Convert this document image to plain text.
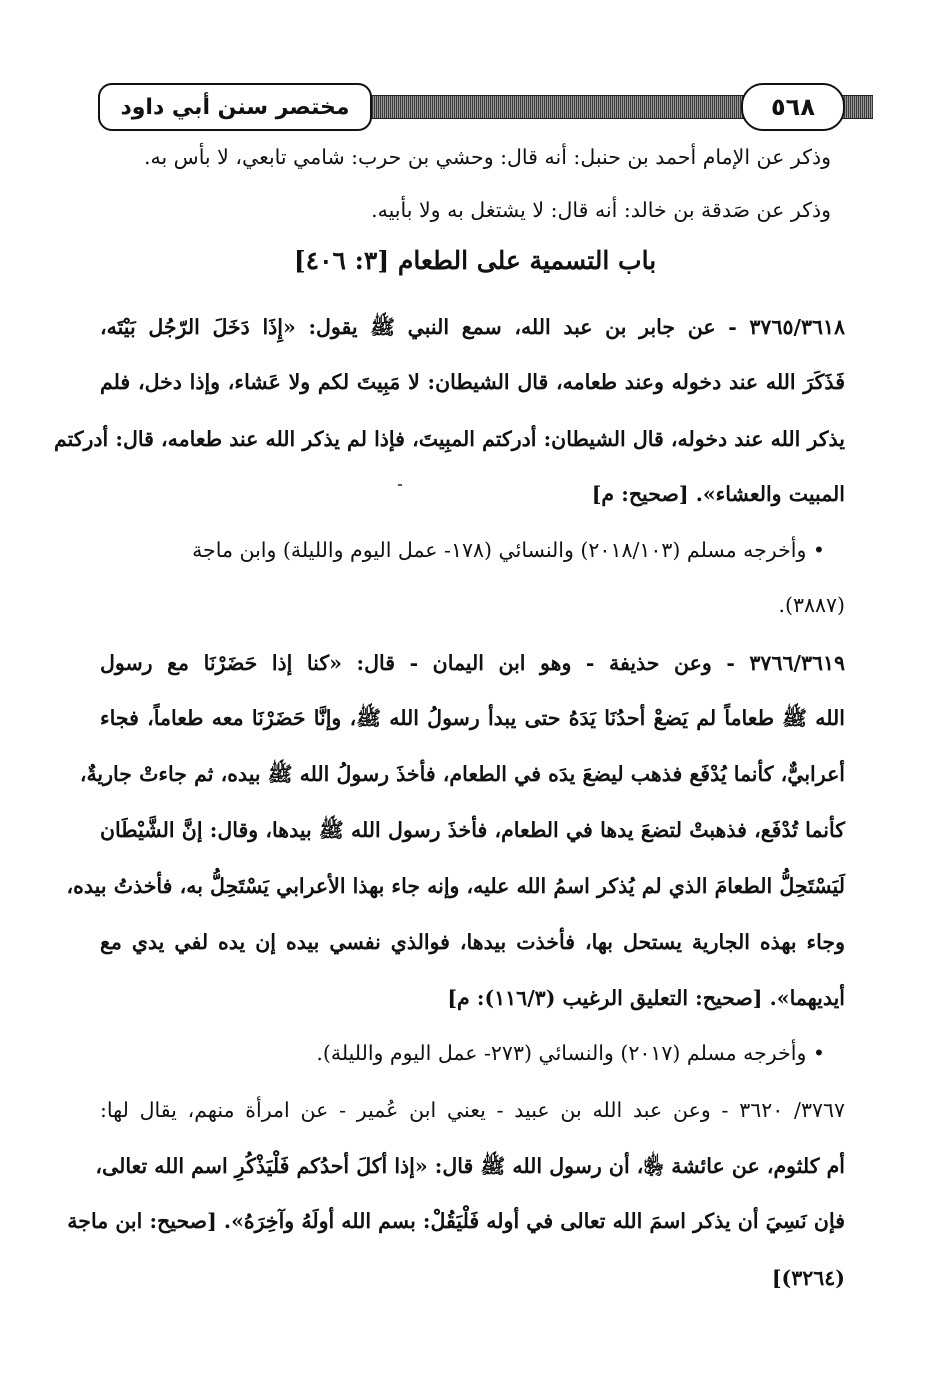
٥٦٨
مختصر سنن أبي داود
وذكر عن الإمام أحمد بن حنبل: أنه قال: وحشي بن حرب: شامي تابعي، لا بأس به.
وذكر عن صَدقة بن خالد: أنه قال: لا يشتغل به ولا بأبيه.
٣٧٦٥/٣٦١٨ - عن جابر بن عبد الله، سمع النبي ﷺ يقول: «إِذَا دَخَلَ الرّجُل بَيْتَه،
فَذَكَرَ الله عند دخوله وعند طعامه، قال الشيطان: لا مَبِيتَ لكم ولا عَشاء، وإذا دخل، فلم
يذكر الله عند دخوله، قال الشيطان: أدركتم المبِيتَ، فإذا لم يذكر الله عند طعامه، قال: أدركتم
المبيت والعشاء». [صحيح: م]
• وأخرجه مسلم (٢٠١٨/١٠٣) والنسائي (١٧٨- عمل اليوم والليلة) وابن ماجة
(٣٨٨٧).
٣٧٦٦/٣٦١٩ - وعن حذيفة - وهو ابن اليمان - قال: «كنا إذا حَضَرْنَا مع رسول
الله ﷺ طعاماً لم يَضعْ أحدُنَا يَدَهُ حتى يبدأ رسولُ الله ﷺ، وإنَّا حَضَرْنَا معه طعاماً، فجاء
أعرابيٌّ، كأنما يُدْفَع فذهب ليضعَ يدَه في الطعام، فأخذَ رسولُ الله ﷺ بيده، ثم جاءتْ جاريةٌ،
كأنما تُدْفَع، فذهبتْ لتضعَ يدها في الطعام، فأخذَ رسول الله ﷺ بيدها، وقال: إنَّ الشَّيْطَان
لَيَسْتَحِلُّ الطعامَ الذي لم يُذكر اسمُ الله عليه، وإنه جاء بهذا الأعرابي يَسْتَحِلُّ به، فأخذتُ بيده،
وجاء بهذه الجارية يستحل بها، فأخذت بيدها، فوالذي نفسي بيده إن يده لفي يدي مع
أيديهما». [صحيح: التعليق الرغيب (١١٦/٣): م]
• وأخرجه مسلم (٢٠١٧) والنسائي (٢٧٣- عمل اليوم والليلة).
٣٧٦٧/ ٣٦٢٠ - وعن عبد الله بن عبيد - يعني ابن عُمير - عن امرأة منهم، يقال لها:
أم كلثوم، عن عائشة ﵂، أن رسول الله ﷺ قال: «إذا أكلَ أحدُكم فَلْيَذْكُرِ اسم الله تعالى،
فإن نَسِيَ أن يذكر اسمَ الله تعالى في أوله فَلْيَقُلْ: بسم الله أولَهُ وآخِرَهُ». [صحيح: ابن ماجة
(٣٢٦٤)]
باب التسمية على الطعام [٣: ٤٠٦]
